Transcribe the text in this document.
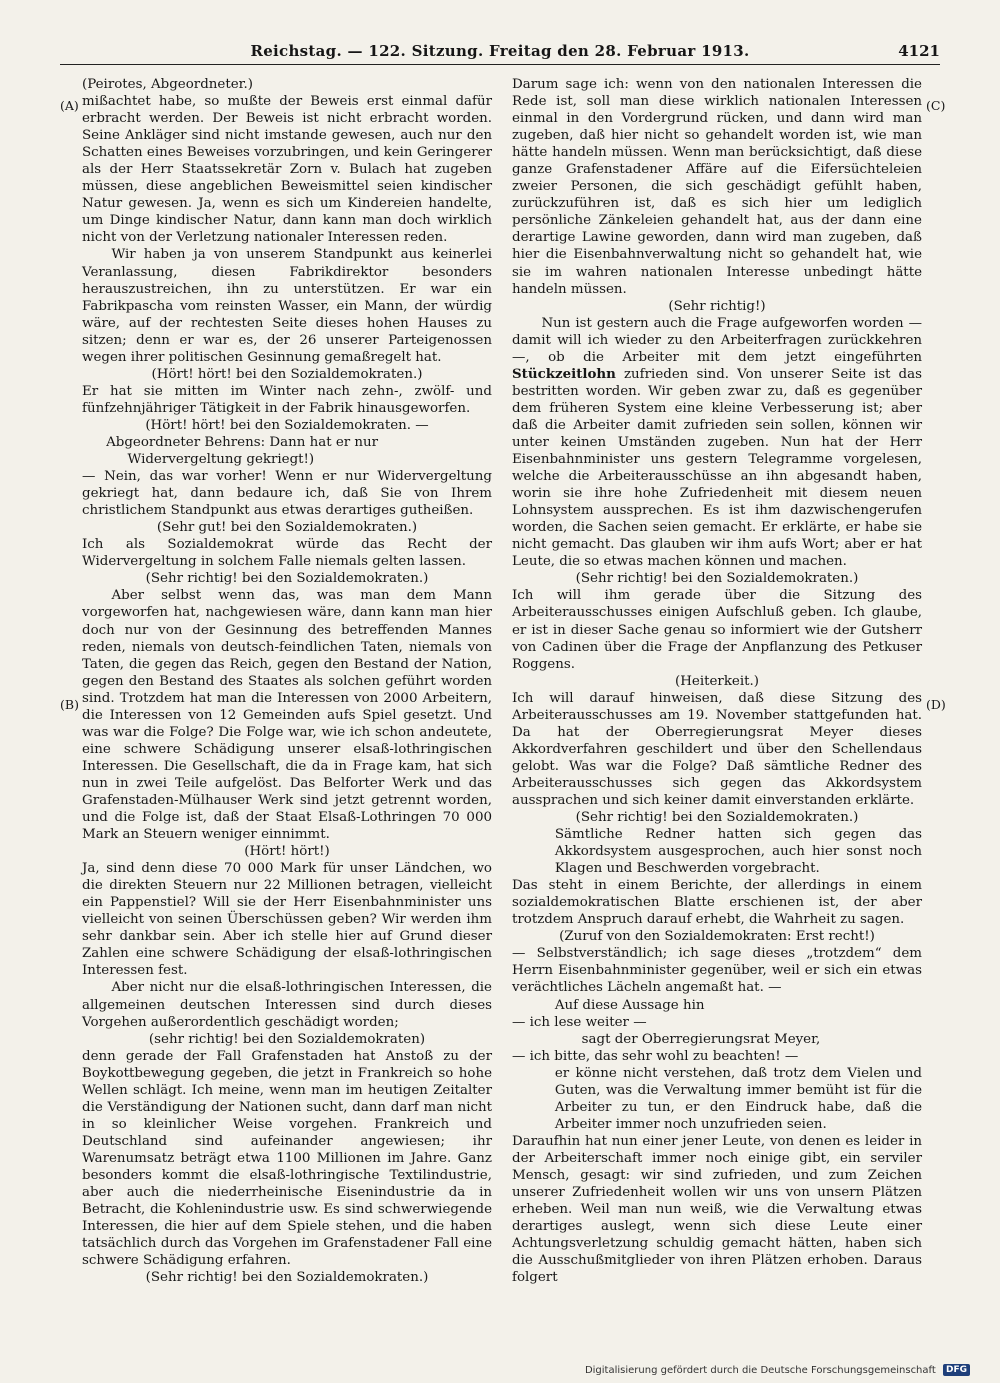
Reichstag. — 122. Sitzung. Freitag den 28. Februar 1913.	4121
(A)
(B)
(C)
(D)

(Peirotes, Abgeordneter.)

mißachtet habe, so mußte der Beweis erst einmal dafür erbracht werden. Der Beweis ist nicht erbracht worden. Seine Ankläger sind nicht imstande gewesen, auch nur den Schatten eines Beweises vorzubringen, und kein Geringerer als der Herr Staatssekretär Zorn v. Bulach hat zugeben müssen, diese angeblichen Beweismittel seien kindischer Natur gewesen. Ja, wenn es sich um Kindereien handelte, um Dinge kindischer Natur, dann kann man doch wirklich nicht von der Verletzung nationaler Interessen reden.

Wir haben ja von unserem Standpunkt aus keinerlei Veranlassung, diesen Fabrikdirektor besonders herauszustreichen, ihn zu unterstützen. Er war ein Fabrikpascha vom reinsten Wasser, ein Mann, der würdig wäre, auf der rechtesten Seite dieses hohen Hauses zu sitzen; denn er war es, der 26 unserer Parteigenossen wegen ihrer politischen Gesinnung gemaßregelt hat.

(Hört! hört! bei den Sozialdemokraten.)

Er hat sie mitten im Winter nach zehn-, zwölf- und fünfzehnjähriger Tätigkeit in der Fabrik hinausgeworfen.

(Hört! hört! bei den Sozialdemokraten. —

Abgeordneter Behrens: Dann hat er nur Widervergeltung gekriegt!)

— Nein, das war vorher! Wenn er nur Widervergeltung gekriegt hat, dann bedaure ich, daß Sie von Ihrem christlichem Standpunkt aus etwas derartiges gutheißen.

(Sehr gut! bei den Sozialdemokraten.)

Ich als Sozialdemokrat würde das Recht der Widervergeltung in solchem Falle niemals gelten lassen.

(Sehr richtig! bei den Sozialdemokraten.)

Aber selbst wenn das, was man dem Mann vorgeworfen hat, nachgewiesen wäre, dann kann man hier doch nur von der Gesinnung des betreffenden Mannes reden, niemals von deutsch-feindlichen Taten, niemals von Taten, die gegen das Reich, gegen den Bestand der Nation, gegen den Bestand des Staates als solchen geführt worden sind. Trotzdem hat man die Interessen von 2000 Arbeitern, die Interessen von 12 Gemeinden aufs Spiel gesetzt. Und was war die Folge? Die Folge war, wie ich schon andeutete, eine schwere Schädigung unserer elsaß-lothringischen Interessen. Die Gesellschaft, die da in Frage kam, hat sich nun in zwei Teile aufgelöst. Das Belforter Werk und das Grafenstaden-Mülhauser Werk sind jetzt getrennt worden, und die Folge ist, daß der Staat Elsaß-Lothringen 70 000 Mark an Steuern weniger einnimmt.

(Hört! hört!)

Ja, sind denn diese 70 000 Mark für unser Ländchen, wo die direkten Steuern nur 22 Millionen betragen, vielleicht ein Pappenstiel? Will sie der Herr Eisenbahnminister uns vielleicht von seinen Überschüssen geben? Wir werden ihm sehr dankbar sein. Aber ich stelle hier auf Grund dieser Zahlen eine schwere Schädigung der elsaß-lothringischen Interessen fest.

Aber nicht nur die elsaß-lothringischen Interessen, die allgemeinen deutschen Interessen sind durch dieses Vorgehen außerordentlich geschädigt worden;

(sehr richtig! bei den Sozialdemokraten)

denn gerade der Fall Grafenstaden hat Anstoß zu der Boykottbewegung gegeben, die jetzt in Frankreich so hohe Wellen schlägt. Ich meine, wenn man im heutigen Zeitalter die Verständigung der Nationen sucht, dann darf man nicht in so kleinlicher Weise vorgehen. Frankreich und Deutschland sind aufeinander angewiesen; ihr Warenumsatz beträgt etwa 1100 Millionen im Jahre. Ganz besonders kommt die elsaß-lothringische Textilindustrie, aber auch die niederrheinische Eisenindustrie da in Betracht, die Kohlenindustrie usw. Es sind schwerwiegende Interessen, die hier auf dem Spiele stehen, und die haben tatsächlich durch das Vorgehen im Grafenstadener Fall eine schwere Schädigung erfahren.

(Sehr richtig! bei den Sozialdemokraten.)

Darum sage ich: wenn von den nationalen Interessen die Rede ist, soll man diese wirklich nationalen Interessen einmal in den Vordergrund rücken, und dann wird man zugeben, daß hier nicht so gehandelt worden ist, wie man hätte handeln müssen. Wenn man berücksichtigt, daß diese ganze Grafenstadener Affäre auf die Eifersüchteleien zweier Personen, die sich geschädigt gefühlt haben, zurückzuführen ist, daß es sich hier um lediglich persönliche Zänkeleien gehandelt hat, aus der dann eine derartige Lawine geworden, dann wird man zugeben, daß hier die Eisenbahnverwaltung nicht so gehandelt hat, wie sie im wahren nationalen Interesse unbedingt hätte handeln müssen.

(Sehr richtig!)

Nun ist gestern auch die Frage aufgeworfen worden — damit will ich wieder zu den Arbeiterfragen zurückkehren —, ob die Arbeiter mit dem jetzt eingeführten Stückzeitlohn zufrieden sind. Von unserer Seite ist das bestritten worden. Wir geben zwar zu, daß es gegenüber dem früheren System eine kleine Verbesserung ist; aber daß die Arbeiter damit zufrieden sein sollen, können wir unter keinen Umständen zugeben. Nun hat der Herr Eisenbahnminister uns gestern Telegramme vorgelesen, welche die Arbeiterausschüsse an ihn abgesandt haben, worin sie ihre hohe Zufriedenheit mit diesem neuen Lohnsystem aussprechen. Es ist ihm dazwischengerufen worden, die Sachen seien gemacht. Er erklärte, er habe sie nicht gemacht. Das glauben wir ihm aufs Wort; aber er hat Leute, die so etwas machen können und machen.

(Sehr richtig! bei den Sozialdemokraten.)

Ich will ihm gerade über die Sitzung des Arbeiterausschusses einigen Aufschluß geben. Ich glaube, er ist in dieser Sache genau so informiert wie der Gutsherr von Cadinen über die Frage der Anpflanzung des Petkuser Roggens.

(Heiterkeit.)

Ich will darauf hinweisen, daß diese Sitzung des Arbeiterausschusses am 19. November stattgefunden hat. Da hat der Oberregierungsrat Meyer dieses Akkordverfahren geschildert und über den Schellendaus gelobt. Was war die Folge? Daß sämtliche Redner des Arbeiterausschusses sich gegen das Akkordsystem aussprachen und sich keiner damit einverstanden erklärte.

(Sehr richtig! bei den Sozialdemokraten.)

Sämtliche Redner hatten sich gegen das Akkordsystem ausgesprochen, auch hier sonst noch Klagen und Beschwerden vorgebracht.

Das steht in einem Berichte, der allerdings in einem sozialdemokratischen Blatte erschienen ist, der aber trotzdem Anspruch darauf erhebt, die Wahrheit zu sagen.

(Zuruf von den Sozialdemokraten: Erst recht!)

— Selbstverständlich; ich sage dieses „trotzdem“ dem Herrn Eisenbahnminister gegenüber, weil er sich ein etwas verächtliches Lächeln angemaßt hat. —

Auf diese Aussage hin

— ich lese weiter —

sagt der Oberregierungsrat Meyer,

— ich bitte, das sehr wohl zu beachten! —

er könne nicht verstehen, daß trotz dem Vielen und Guten, was die Verwaltung immer bemüht ist für die Arbeiter zu tun, er den Eindruck habe, daß die Arbeiter immer noch unzufrieden seien.

Daraufhin hat nun einer jener Leute, von denen es leider in der Arbeiterschaft immer noch einige gibt, ein serviler Mensch, gesagt: wir sind zufrieden, und zum Zeichen unserer Zufriedenheit wollen wir uns von unsern Plätzen erheben. Weil man nun weiß, wie die Verwaltung etwas derartiges auslegt, wenn sich diese Leute einer Achtungsverletzung schuldig gemacht hätten, haben sich die Ausschußmitglieder von ihren Plätzen erhoben. Daraus folgert

Digitalisierung gefördert durch die Deutsche Forschungsgemeinschaft DFG
